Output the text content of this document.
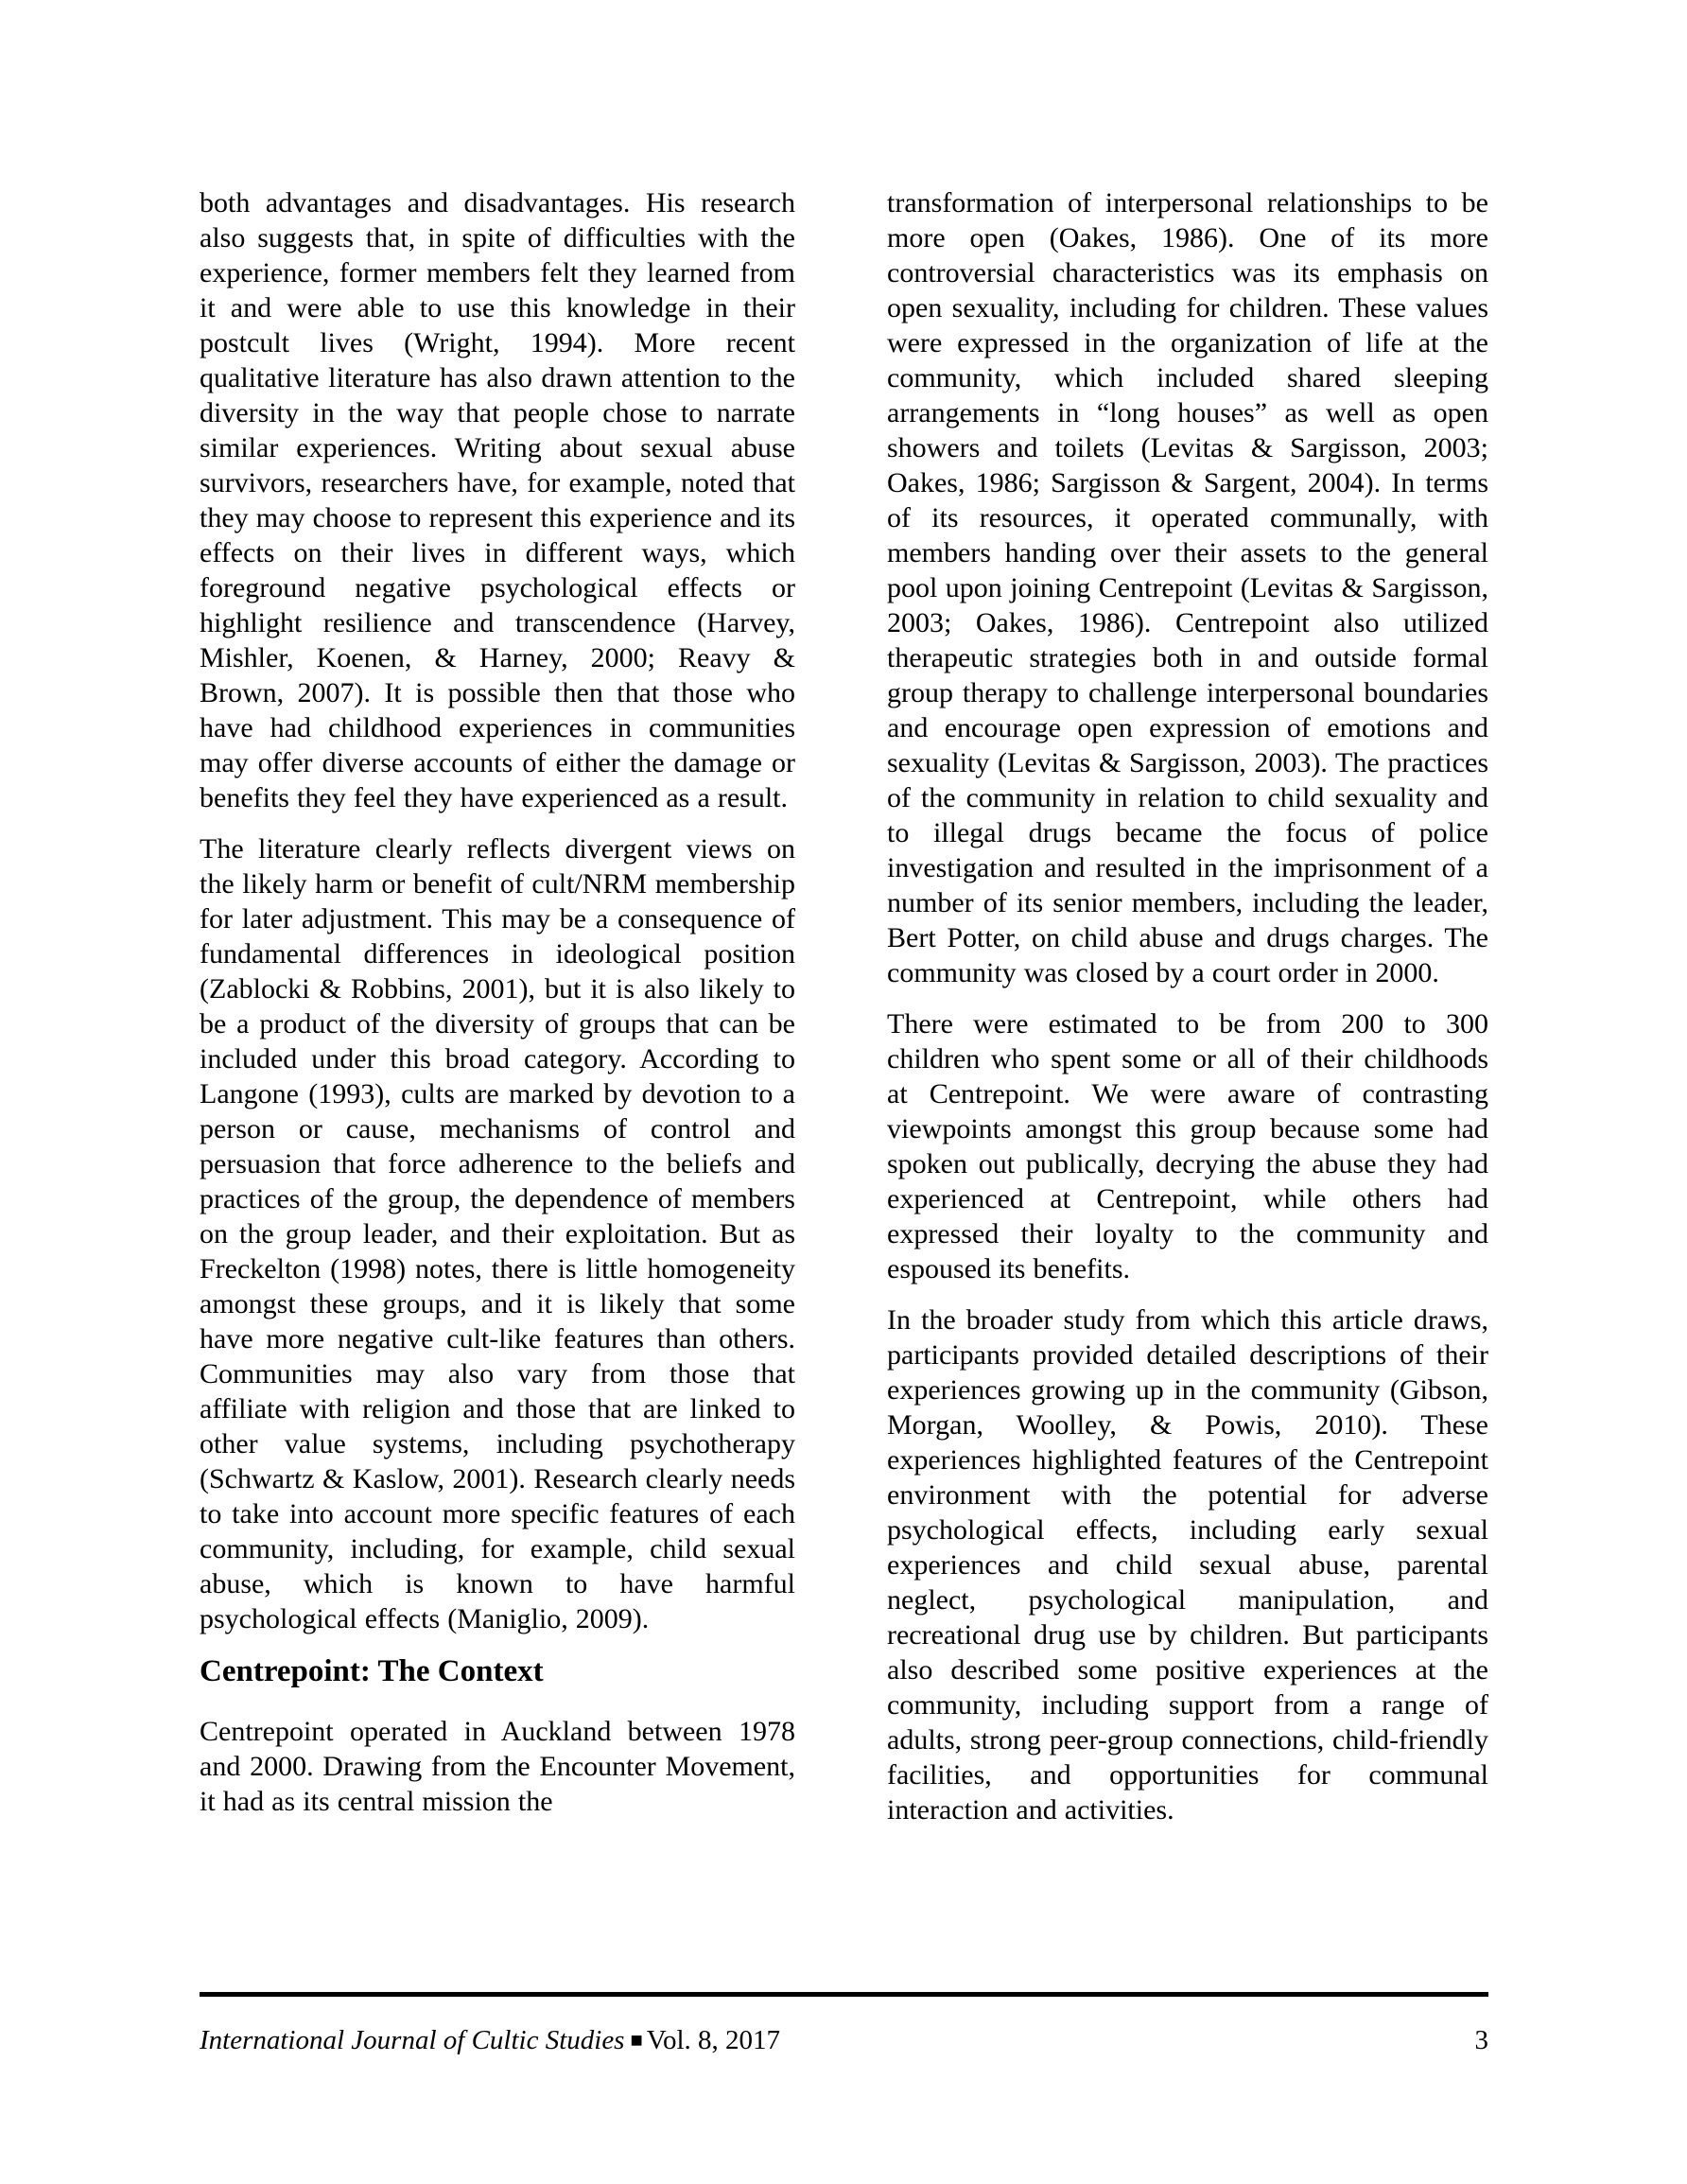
both advantages and disadvantages. His research also suggests that, in spite of difficulties with the experience, former members felt they learned from it and were able to use this knowledge in their postcult lives (Wright, 1994). More recent qualitative literature has also drawn attention to the diversity in the way that people chose to narrate similar experiences. Writing about sexual abuse survivors, researchers have, for example, noted that they may choose to represent this experience and its effects on their lives in different ways, which foreground negative psychological effects or highlight resilience and transcendence (Harvey, Mishler, Koenen, & Harney, 2000; Reavy & Brown, 2007). It is possible then that those who have had childhood experiences in communities may offer diverse accounts of either the damage or benefits they feel they have experienced as a result.

The literature clearly reflects divergent views on the likely harm or benefit of cult/NRM membership for later adjustment. This may be a consequence of fundamental differences in ideological position (Zablocki & Robbins, 2001), but it is also likely to be a product of the diversity of groups that can be included under this broad category. According to Langone (1993), cults are marked by devotion to a person or cause, mechanisms of control and persuasion that force adherence to the beliefs and practices of the group, the dependence of members on the group leader, and their exploitation. But as Freckelton (1998) notes, there is little homogeneity amongst these groups, and it is likely that some have more negative cult-like features than others. Communities may also vary from those that affiliate with religion and those that are linked to other value systems, including psychotherapy (Schwartz & Kaslow, 2001). Research clearly needs to take into account more specific features of each community, including, for example, child sexual abuse, which is known to have harmful psychological effects (Maniglio, 2009).

Centrepoint: The Context

Centrepoint operated in Auckland between 1978 and 2000. Drawing from the Encounter Movement, it had as its central mission the

transformation of interpersonal relationships to be more open (Oakes, 1986). One of its more controversial characteristics was its emphasis on open sexuality, including for children. These values were expressed in the organization of life at the community, which included shared sleeping arrangements in “long houses” as well as open showers and toilets (Levitas & Sargisson, 2003; Oakes, 1986; Sargisson & Sargent, 2004). In terms of its resources, it operated communally, with members handing over their assets to the general pool upon joining Centrepoint (Levitas & Sargisson, 2003; Oakes, 1986). Centrepoint also utilized therapeutic strategies both in and outside formal group therapy to challenge interpersonal boundaries and encourage open expression of emotions and sexuality (Levitas & Sargisson, 2003). The practices of the community in relation to child sexuality and to illegal drugs became the focus of police investigation and resulted in the imprisonment of a number of its senior members, including the leader, Bert Potter, on child abuse and drugs charges. The community was closed by a court order in 2000.

There were estimated to be from 200 to 300 children who spent some or all of their childhoods at Centrepoint. We were aware of contrasting viewpoints amongst this group because some had spoken out publically, decrying the abuse they had experienced at Centrepoint, while others had expressed their loyalty to the community and espoused its benefits.

In the broader study from which this article draws, participants provided detailed descriptions of their experiences growing up in the community (Gibson, Morgan, Woolley, & Powis, 2010). These experiences highlighted features of the Centrepoint environment with the potential for adverse psychological effects, including early sexual experiences and child sexual abuse, parental neglect, psychological manipulation, and recreational drug use by children. But participants also described some positive experiences at the community, including support from a range of adults, strong peer-group connections, child-friendly facilities, and opportunities for communal interaction and activities.

International Journal of Cultic Studies ■ Vol. 8, 2017	3
